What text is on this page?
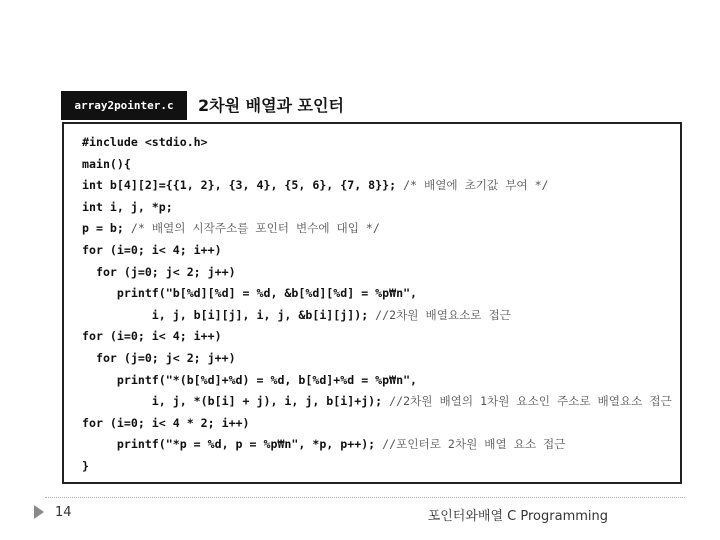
array2pointer.c	2차원 배열과 포인터
#include <stdio.h>
main(){
int b[4][2]={{1, 2}, {3, 4}, {5, 6}, {7, 8}}; /* 배열에 초기값 부여 */
int i, j, *p;
p = b; /* 배열의 시작주소를 포인터 변수에 대입 */
for (i=0; i< 4; i++)
for (j=0; j< 2; j++)
printf("b[%d][%d] = %d, &b[%d][%d] = %p₩n",
i, j, b[i][j], i, j, &b[i][j]); //2차원 배열요소로 접근
for (i=0; i< 4; i++)
for (j=0; j< 2; j++)
printf("*(b[%d]+%d) = %d, b[%d]+%d = %p₩n",
i, j, *(b[i] + j), i, j, b[i]+j); //2차원 배열의 1차원 요소인 주소로 배열요소 접근
for (i=0; i< 4 * 2; i++)
printf("*p = %d, p = %p₩n", *p, p++); //포인터로 2차원 배열 요소 접근
}
14	포인터와배열 C Programming
